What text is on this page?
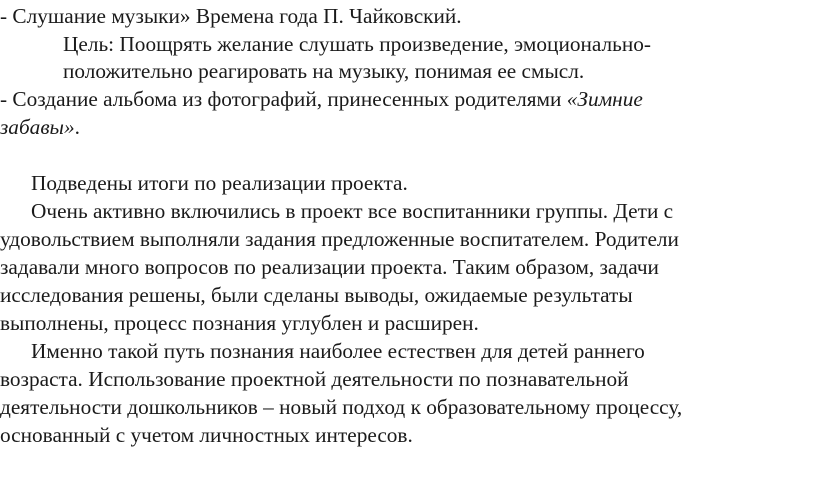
- Слушание музыки» Времена года П. Чайковский.
Цель: Поощрять желание слушать произведение, эмоционально-
положительно реагировать на музыку, понимая ее смысл.
- Создание альбома из фотографий, принесенных родителями «Зимние
забавы».
Подведены итоги по реализации проекта.
Очень активно включились в проект все воспитанники группы. Дети с
удовольствием выполняли задания предложенные воспитателем. Родители
задавали много вопросов по реализации проекта. Таким образом, задачи
исследования решены, были сделаны выводы, ожидаемые результаты
выполнены, процесс познания углублен и расширен.
Именно такой путь познания наиболее естествен для детей раннего
возраста. Использование проектной деятельности по познавательной
деятельности дошкольников – новый подход к образовательному процессу,
основанный с учетом личностных интересов.
